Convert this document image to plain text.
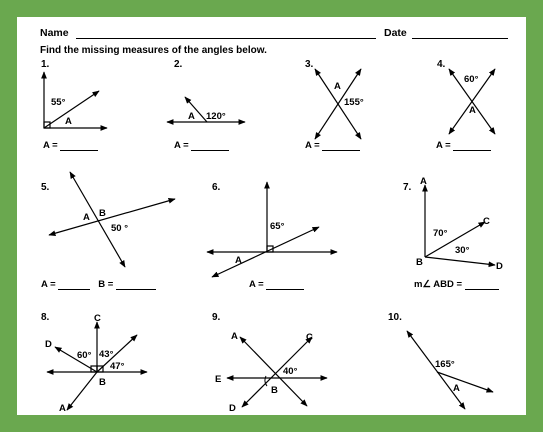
Name	Date
Find the missing measures of the angles below.
1.	2.	3.	4.
5.	6.	7.
8.	9.	10.
A =	A =	A =	A =
A =	B =	A =	m∠ ABD =
55°
A	A 120°
A
155°
60°
A
A B
50 °	65°
A
A
C
70°
30°
B	D
C
D
60° 43°
47°
B
A
A	C
E
40°
B
D
165°
A
